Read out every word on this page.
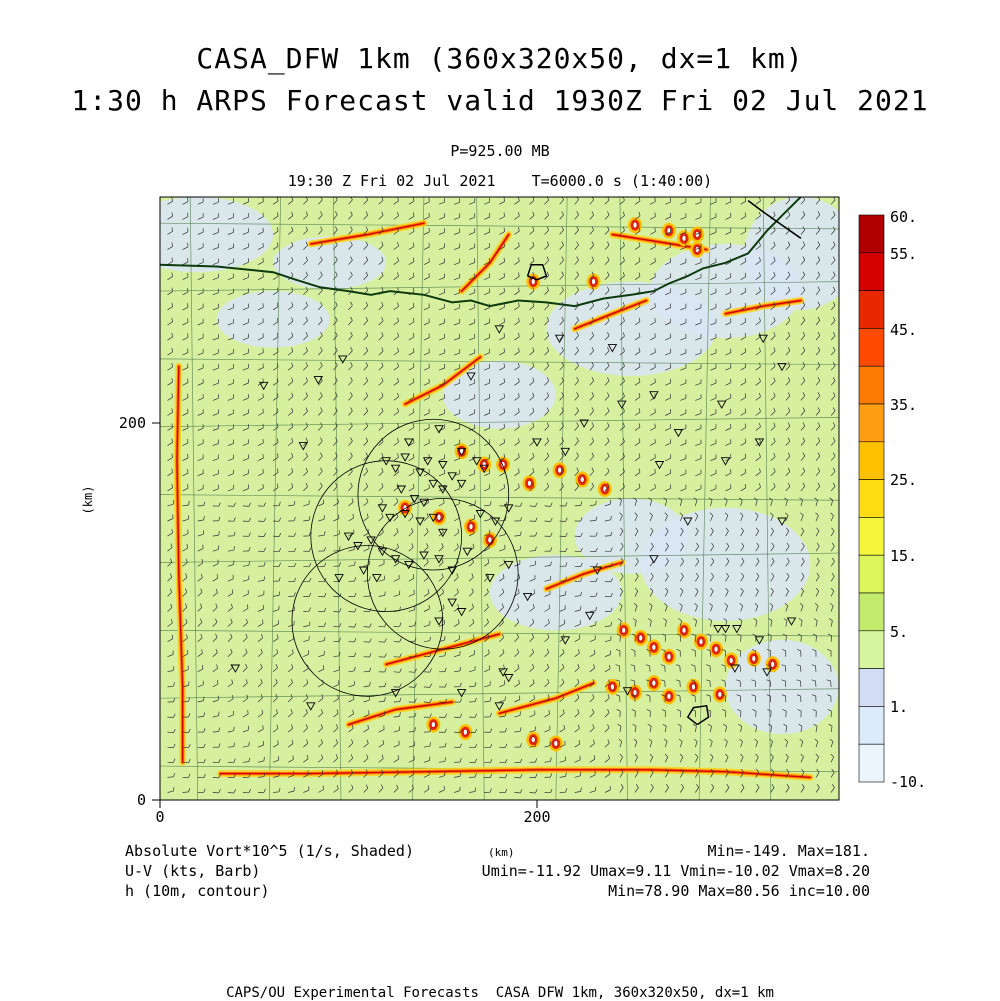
CASA_DFW 1km (360x320x50, dx=1 km)
1:30 h ARPS Forecast valid 1930Z Fri 02 Jul 2021
P=925.00 MB
19:30 Z Fri 02 Jul 2021    T=6000.0 s (1:40:00)
0	200
0
200
(km)
60.
55.
45.
35.
25.
15.
5.
1.
-10.
Absolute Vort*10^5 (1/s, Shaded)
U-V (kts, Barb)
h (10m, contour)
(km)	Min=-149. Max=181.
Umin=-11.92 Umax=9.11 Vmin=-10.02 Vmax=8.20
Min=78.90 Max=80.56 inc=10.00
CAPS/OU Experimental Forecasts  CASA DFW 1km, 360x320x50, dx=1 km
